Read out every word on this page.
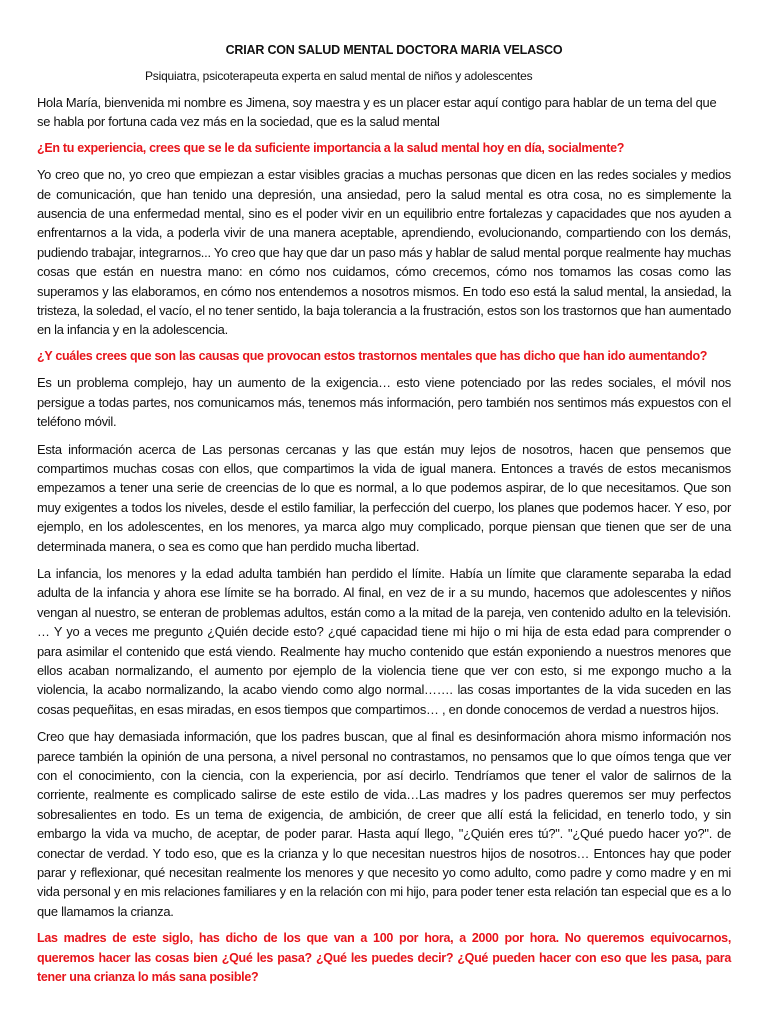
CRIAR CON SALUD MENTAL DOCTORA MARIA VELASCO
Psiquiatra, psicoterapeuta experta en salud mental de niños y adolescentes

Hola María, bienvenida mi nombre es Jimena, soy maestra y es un placer estar aquí contigo para hablar de un tema del que se habla por fortuna cada vez más en la sociedad, que es la salud mental

¿En tu experiencia, crees que se le da suficiente importancia a la salud mental hoy en día, socialmente?

Yo creo que no, yo creo que empiezan a estar visibles gracias a muchas personas que dicen en las redes sociales y medios de comunicación, que han tenido una depresión, una ansiedad, pero la salud mental es otra cosa, no es simplemente la ausencia de una enfermedad mental, sino es el poder vivir en un equilibrio entre fortalezas y capacidades que nos ayuden a enfrentarnos a la vida, a poderla vivir de una manera aceptable, aprendiendo, evolucionando, compartiendo con los demás, pudiendo trabajar, integrarnos... Yo creo que hay que dar un paso más y hablar de salud mental porque realmente hay muchas cosas que están en nuestra mano: en cómo nos cuidamos, cómo crecemos, cómo nos tomamos las cosas como las superamos y las elaboramos, en cómo nos entendemos a nosotros mismos. En todo eso está la salud mental, la ansiedad, la tristeza, la soledad, el vacío, el no tener sentido, la baja tolerancia a la frustración, estos son los trastornos que han aumentado en la infancia y en la adolescencia.

¿Y cuáles crees que son las causas que provocan estos trastornos mentales que has dicho que han ido aumentando?

Es un problema complejo, hay un aumento de la exigencia… esto viene potenciado por las redes sociales, el móvil nos persigue a todas partes, nos comunicamos más, tenemos más información, pero también nos sentimos más expuestos con el teléfono móvil.

Esta información acerca de Las personas cercanas y las que están muy lejos de nosotros, hacen que pensemos que compartimos muchas cosas con ellos, que compartimos la vida de igual manera. Entonces a través de estos mecanismos empezamos a tener una serie de creencias de lo que es normal, a lo que podemos aspirar, de lo que necesitamos. Que son muy exigentes a todos los niveles, desde el estilo familiar, la perfección del cuerpo, los planes que podemos hacer. Y eso, por ejemplo, en los adolescentes, en los menores, ya marca algo muy complicado, porque piensan que tienen que ser de una determinada manera, o sea es como que han perdido mucha libertad.

La infancia, los menores y la edad adulta también han perdido el límite. Había un límite que claramente separaba la edad adulta de la infancia y ahora ese límite se ha borrado. Al final, en vez de ir a su mundo, hacemos que adolescentes y niños vengan al nuestro, se enteran de problemas adultos, están como a la mitad de la pareja, ven contenido adulto en la televisión. … Y yo a veces me pregunto ¿Quién decide esto? ¿qué capacidad tiene mi hijo o mi hija de esta edad para comprender o para asimilar el contenido que está viendo. Realmente hay mucho contenido que están exponiendo a nuestros menores que ellos acaban normalizando, el aumento por ejemplo de la violencia tiene que ver con esto, si me expongo mucho a la violencia, la acabo normalizando, la acabo viendo como algo normal……. las cosas importantes de la vida suceden en las cosas pequeñitas, en esas miradas, en esos tiempos que compartimos… , en donde conocemos de verdad a nuestros hijos.

Creo que hay demasiada información, que los padres buscan, que al final es desinformación ahora mismo información nos parece también la opinión de una persona, a nivel personal no contrastamos, no pensamos que lo que oímos tenga que ver con el conocimiento, con la ciencia, con la experiencia, por así decirlo. Tendríamos que tener el valor de salirnos de la corriente, realmente es complicado salirse de este estilo de vida…Las madres y los padres queremos ser muy perfectos sobresalientes en todo. Es un tema de exigencia, de ambición, de creer que allí está la felicidad, en tenerlo todo, y sin embargo la vida va mucho, de aceptar, de poder parar. Hasta aquí llego, "¿Quién eres tú?". "¿Qué puedo hacer yo?". de conectar de verdad. Y todo eso, que es la crianza y lo que necesitan nuestros hijos de nosotros… Entonces hay que poder parar y reflexionar, qué necesitan realmente los menores y que necesito yo como adulto, como padre y como madre y en mi vida personal y en mis relaciones familiares y en la relación con mi hijo, para poder tener esta relación tan especial que es a lo que llamamos la crianza.

Las madres de este siglo, has dicho de los que van a 100 por hora, a 2000 por hora. No queremos equivocarnos, queremos hacer las cosas bien ¿Qué les pasa? ¿Qué les puedes decir? ¿Qué pueden hacer con eso que les pasa, para tener una crianza lo más sana posible?
